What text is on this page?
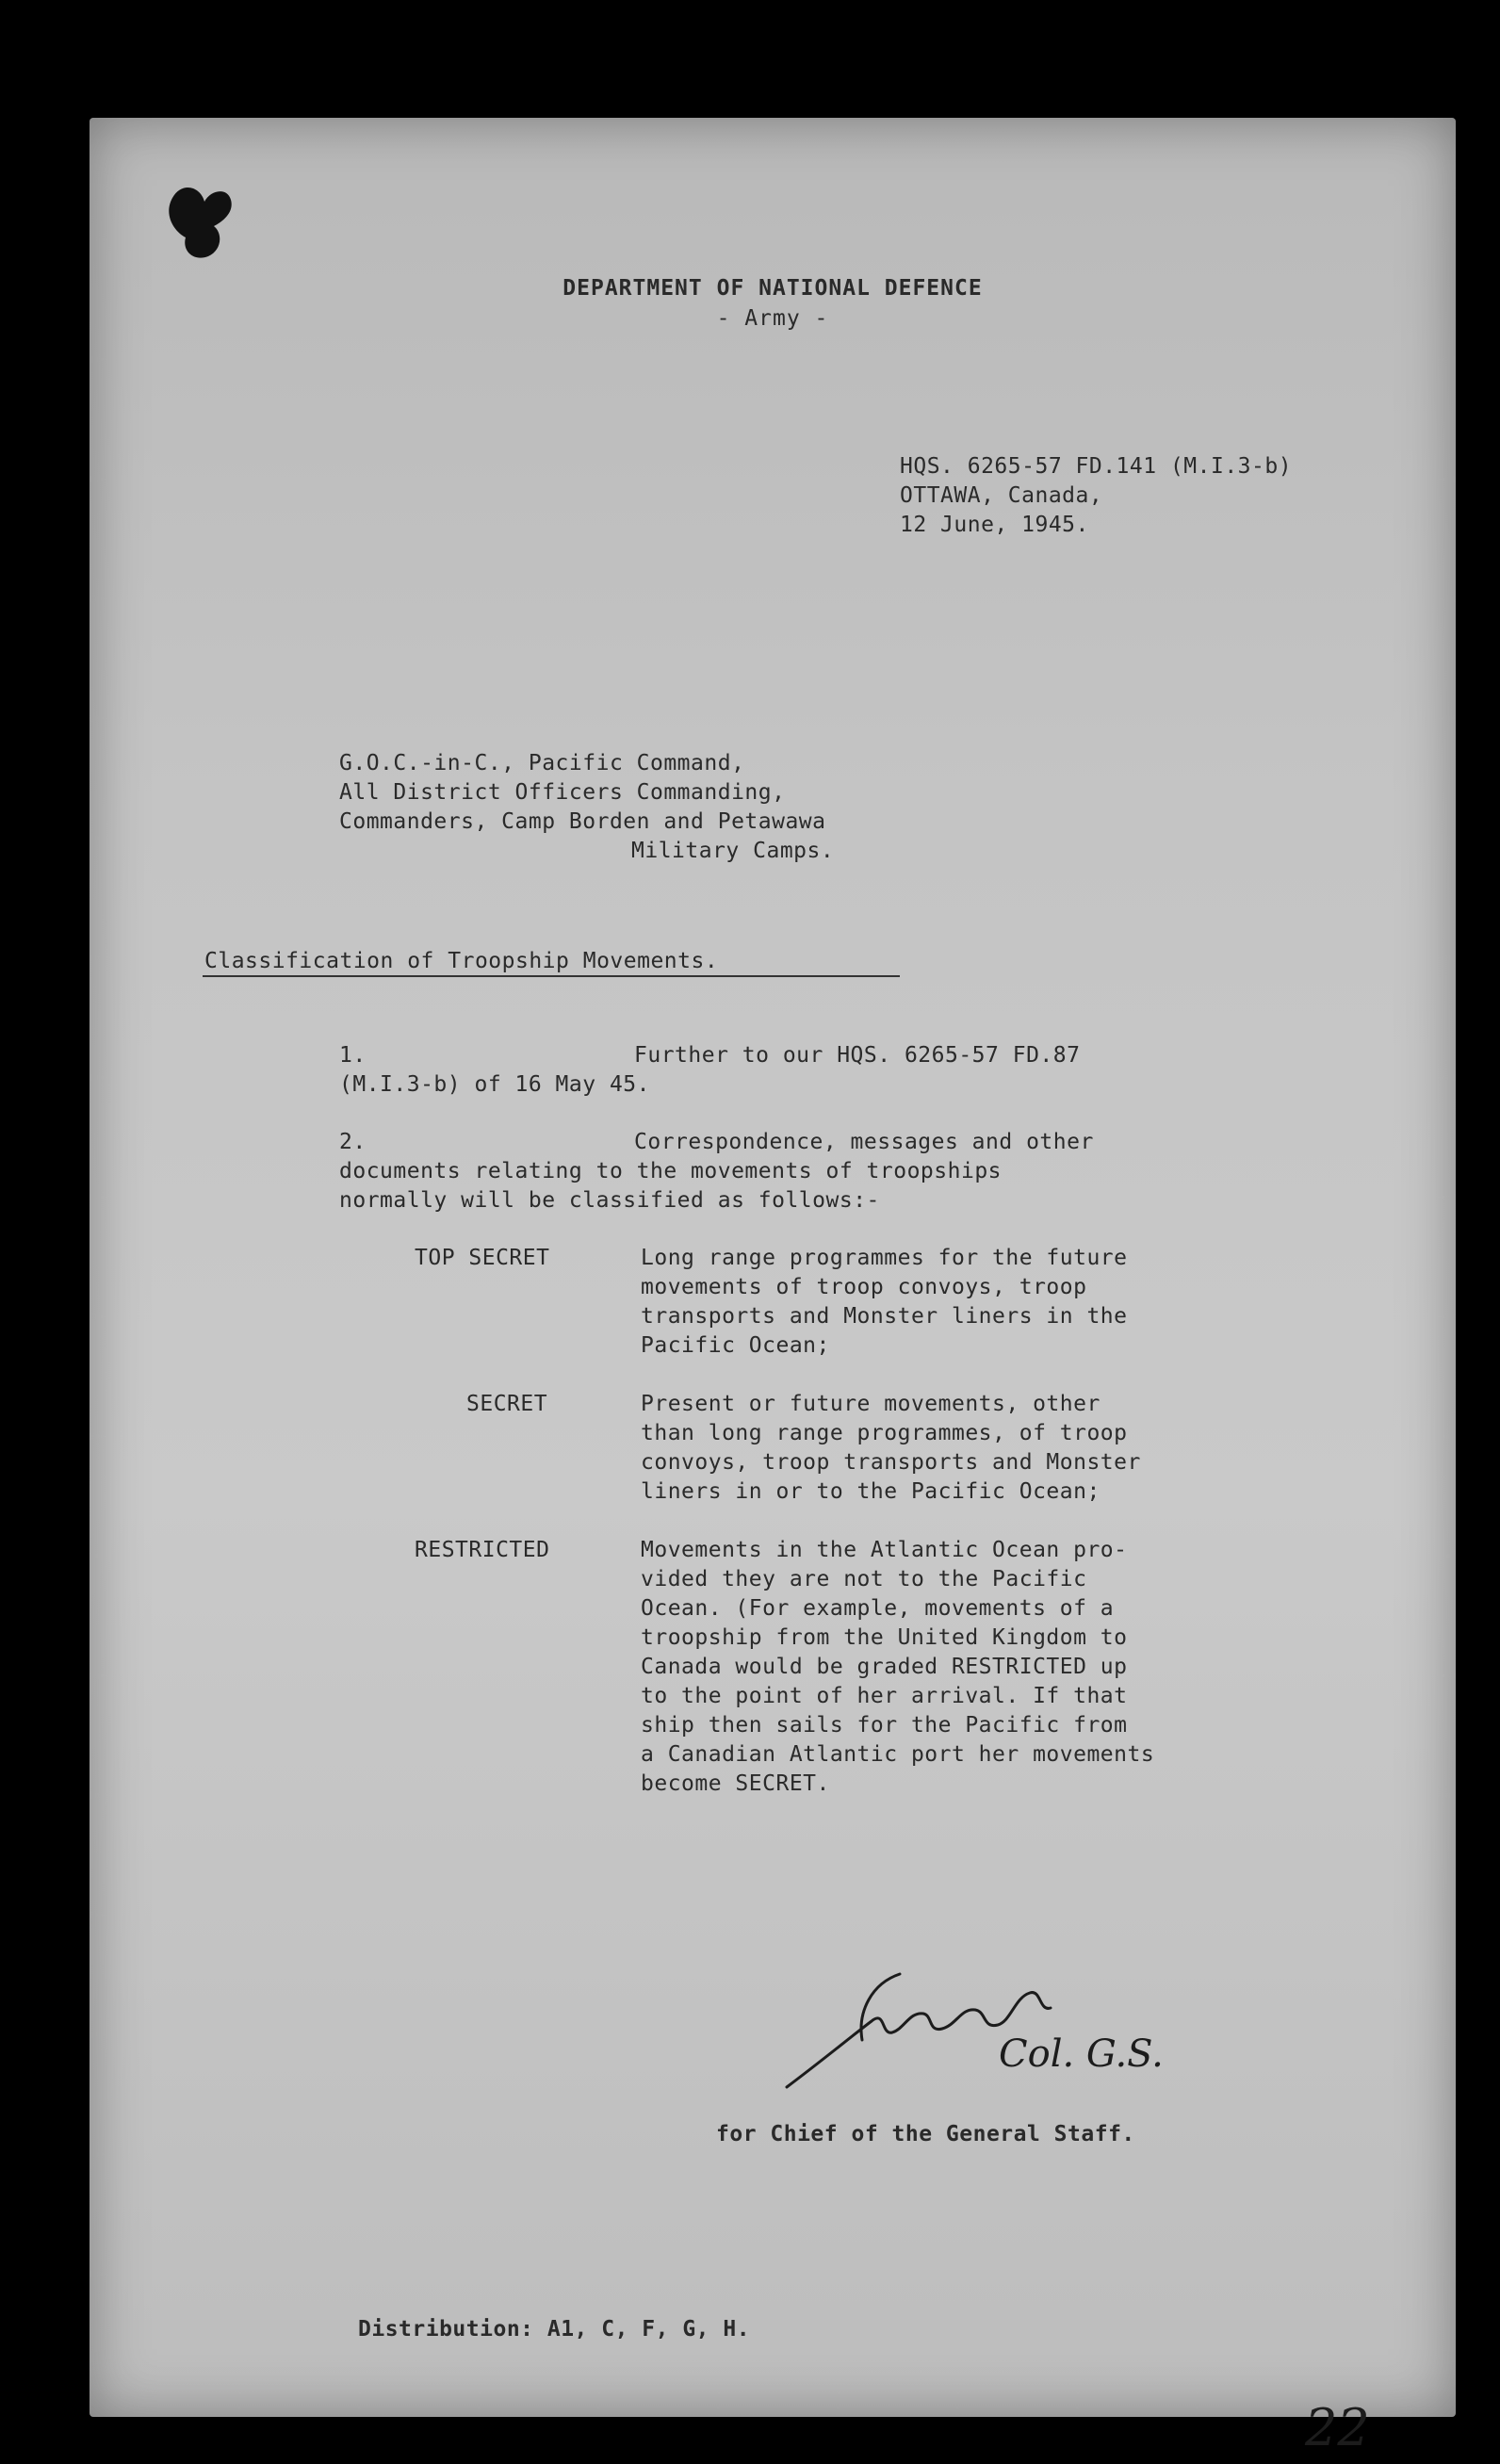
DEPARTMENT OF NATIONAL DEFENCE
- Army -
HQS. 6265-57 FD.141 (M.I.3-b)
OTTAWA, Canada,
12 June, 1945.
G.O.C.-in-C., Pacific Command,
All District Officers Commanding,
Commanders, Camp Borden and Petawawa
Military Camps.
Classification of Troopship Movements.
1.	Further to our HQS. 6265-57 FD.87
(M.I.3-b) of 16 May 45.
2.	Correspondence, messages and other
documents relating to the movements of troopships
normally will be classified as follows:-
TOP SECRET	Long range programmes for the future
movements of troop convoys, troop
transports and Monster liners in the
Pacific Ocean;
SECRET	Present or future movements, other
than long range programmes, of troop
convoys, troop transports and Monster
liners in or to the Pacific Ocean;
RESTRICTED	Movements in the Atlantic Ocean pro-
vided they are not to the Pacific
Ocean. (For example, movements of a
troopship from the United Kingdom to
Canada would be graded RESTRICTED up
to the point of her arrival. If that
ship then sails for the Pacific from
a Canadian Atlantic port her movements
become SECRET.
Col. G.S.
for Chief of the General Staff.
Distribution: A1, C, F, G, H.
22
